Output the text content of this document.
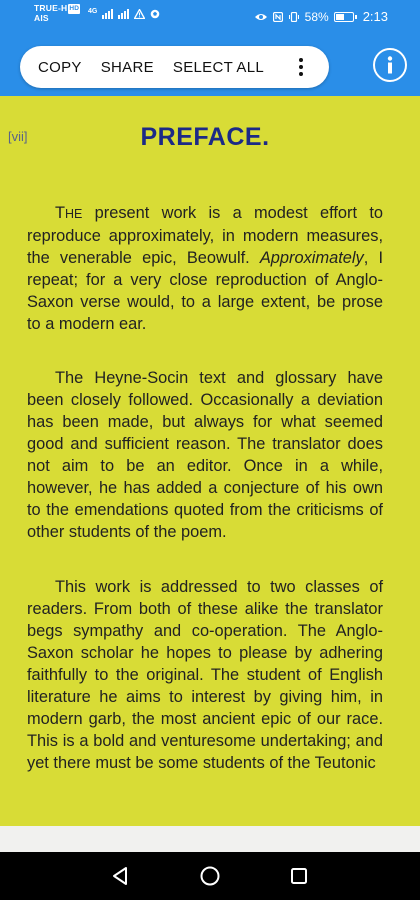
TRUE-H HD
AIS
4G	58%	2:13
COPY SHARE SELECT ALL
[vii]	PREFACE.

THE present work is a modest effort to reproduce approximately, in modern measures, the venerable epic, Beowulf. Approximately, I repeat; for a very close reproduction of Anglo-Saxon verse would, to a large extent, be prose to a modern ear.

The Heyne-Socin text and glossary have been closely followed. Occasionally a deviation has been made, but always for what seemed good and sufficient reason. The translator does not aim to be an editor. Once in a while, however, he has added a conjecture of his own to the emendations quoted from the criticisms of other students of the poem.

This work is addressed to two classes of readers. From both of these alike the translator begs sympathy and co-operation. The Anglo-Saxon scholar he hopes to please by adhering faithfully to the original. The student of English literature he aims to interest by giving him, in modern garb, the most ancient epic of our race. This is a bold and venturesome undertaking; and yet there must be some students of the Teutonic
